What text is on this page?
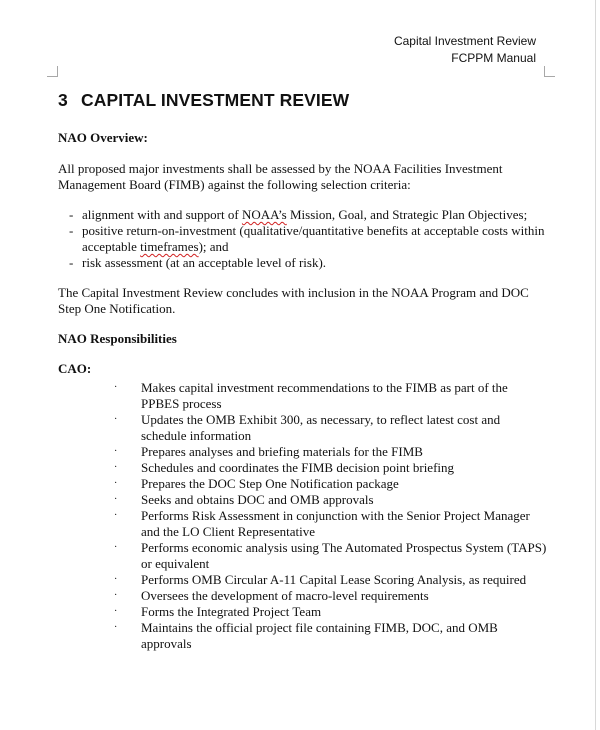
Capital Investment Review
FCPPM Manual
3 CAPITAL INVESTMENT REVIEW

NAO Overview:

All proposed major investments shall be assessed by the NOAA Facilities Investment Management Board (FIMB) against the following selection criteria:

- alignment with and support of NOAA’s Mission, Goal, and Strategic Plan Objectives;
- positive return-on-investment (qualitative/quantitative benefits at acceptable costs within acceptable timeframes); and
- risk assessment (at an acceptable level of risk).

The Capital Investment Review concludes with inclusion in the NOAA Program and DOC Step One Notification.

NAO Responsibilities

CAO:

· Makes capital investment recommendations to the FIMB as part of the PPBES process
· Updates the OMB Exhibit 300, as necessary, to reflect latest cost and schedule information
· Prepares analyses and briefing materials for the FIMB
· Schedules and coordinates the FIMB decision point briefing
· Prepares the DOC Step One Notification package
· Seeks and obtains DOC and OMB approvals
· Performs Risk Assessment in conjunction with the Senior Project Manager and the LO Client Representative
· Performs economic analysis using The Automated Prospectus System (TAPS) or equivalent
· Performs OMB Circular A-11 Capital Lease Scoring Analysis, as required
· Oversees the development of macro-level requirements
· Forms the Integrated Project Team
· Maintains the official project file containing FIMB, DOC, and OMB approvals
